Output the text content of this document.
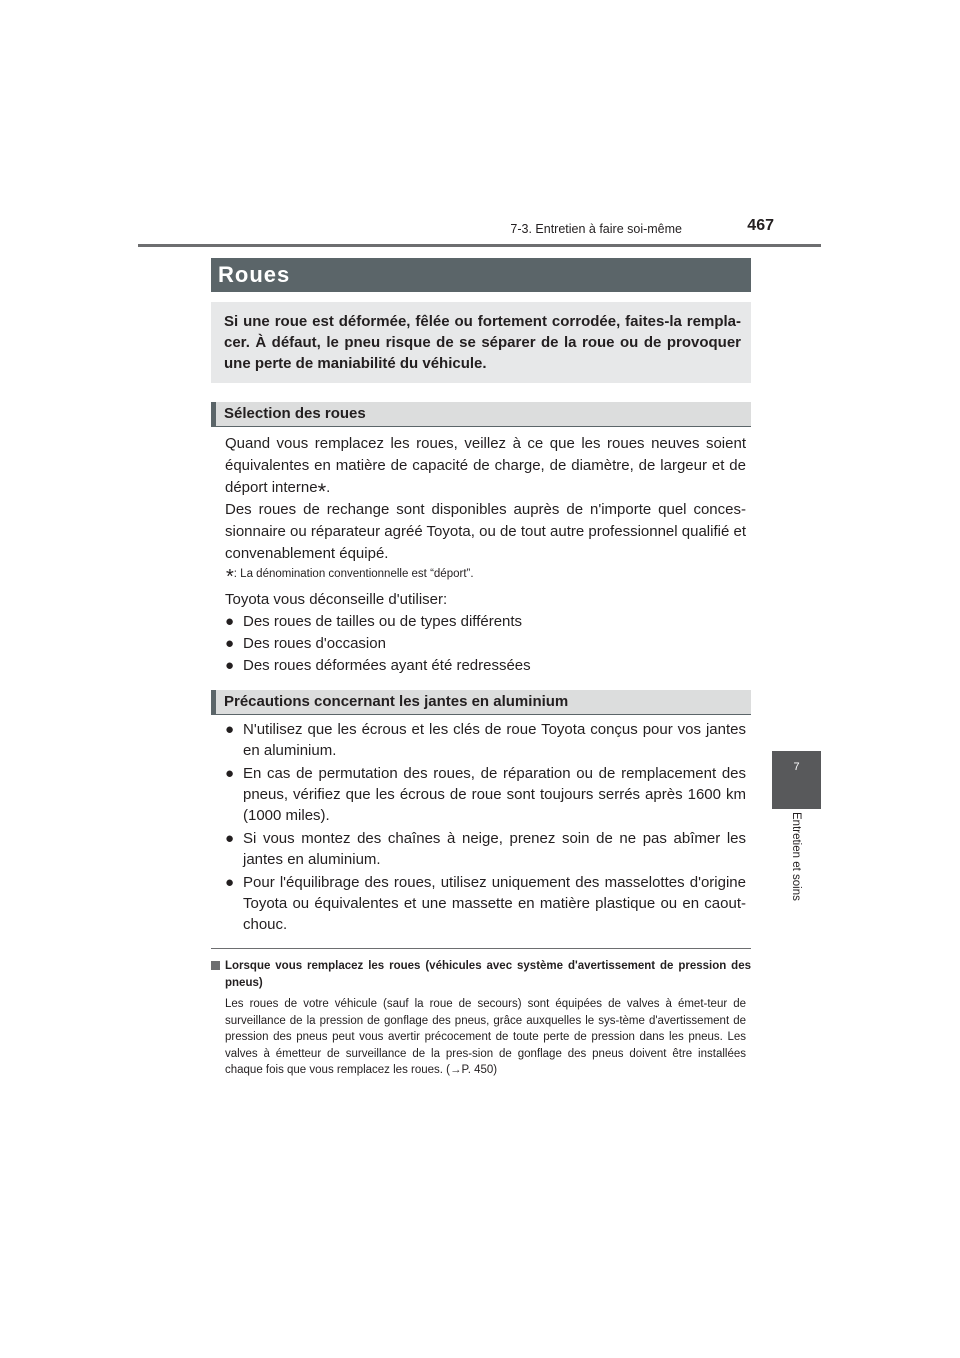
7-3. Entretien à faire soi-même	467
7
Entretien et soins
Roues
Si une roue est déformée, fêlée ou fortement corrodée, faites-la rempla-cer. À défaut, le pneu risque de se séparer de la roue ou de provoquer une perte de maniabilité du véhicule.
Sélection des roues

Quand vous remplacez les roues, veillez à ce que les roues neuves soient équivalentes en matière de capacité de charge, de diamètre, de largeur et de déport interne*.

Des roues de rechange sont disponibles auprès de n'importe quel conces-sionnaire ou réparateur agréé Toyota, ou de tout autre professionnel qualifié et convenablement équipé.

*: La dénomination conventionnelle est “déport”.
Toyota vous déconseille d'utiliser:
● Des roues de tailles ou de types différents
● Des roues d'occasion
● Des roues déformées ayant été redressées
Précautions concernant les jantes en aluminium
● N'utilisez que les écrous et les clés de roue Toyota conçus pour vos jantes en aluminium.
● En cas de permutation des roues, de réparation ou de remplacement des pneus, vérifiez que les écrous de roue sont toujours serrés après 1600 km (1000 miles).
● Si vous montez des chaînes à neige, prenez soin de ne pas abîmer les jantes en aluminium.
● Pour l'équilibrage des roues, utilisez uniquement des masselottes d'origine Toyota ou équivalentes et une massette en matière plastique ou en caout-chouc.
Lorsque vous remplacez les roues (véhicules avec système d'avertissement de pression des pneus)
Les roues de votre véhicule (sauf la roue de secours) sont équipées de valves à émet-teur de surveillance de la pression de gonflage des pneus, grâce auxquelles le sys-tème d'avertissement de pression des pneus peut vous avertir précocement de toute perte de pression dans les pneus. Les valves à émetteur de surveillance de la pres-sion de gonflage des pneus doivent être installées chaque fois que vous remplacez les roues. (→P. 450)
